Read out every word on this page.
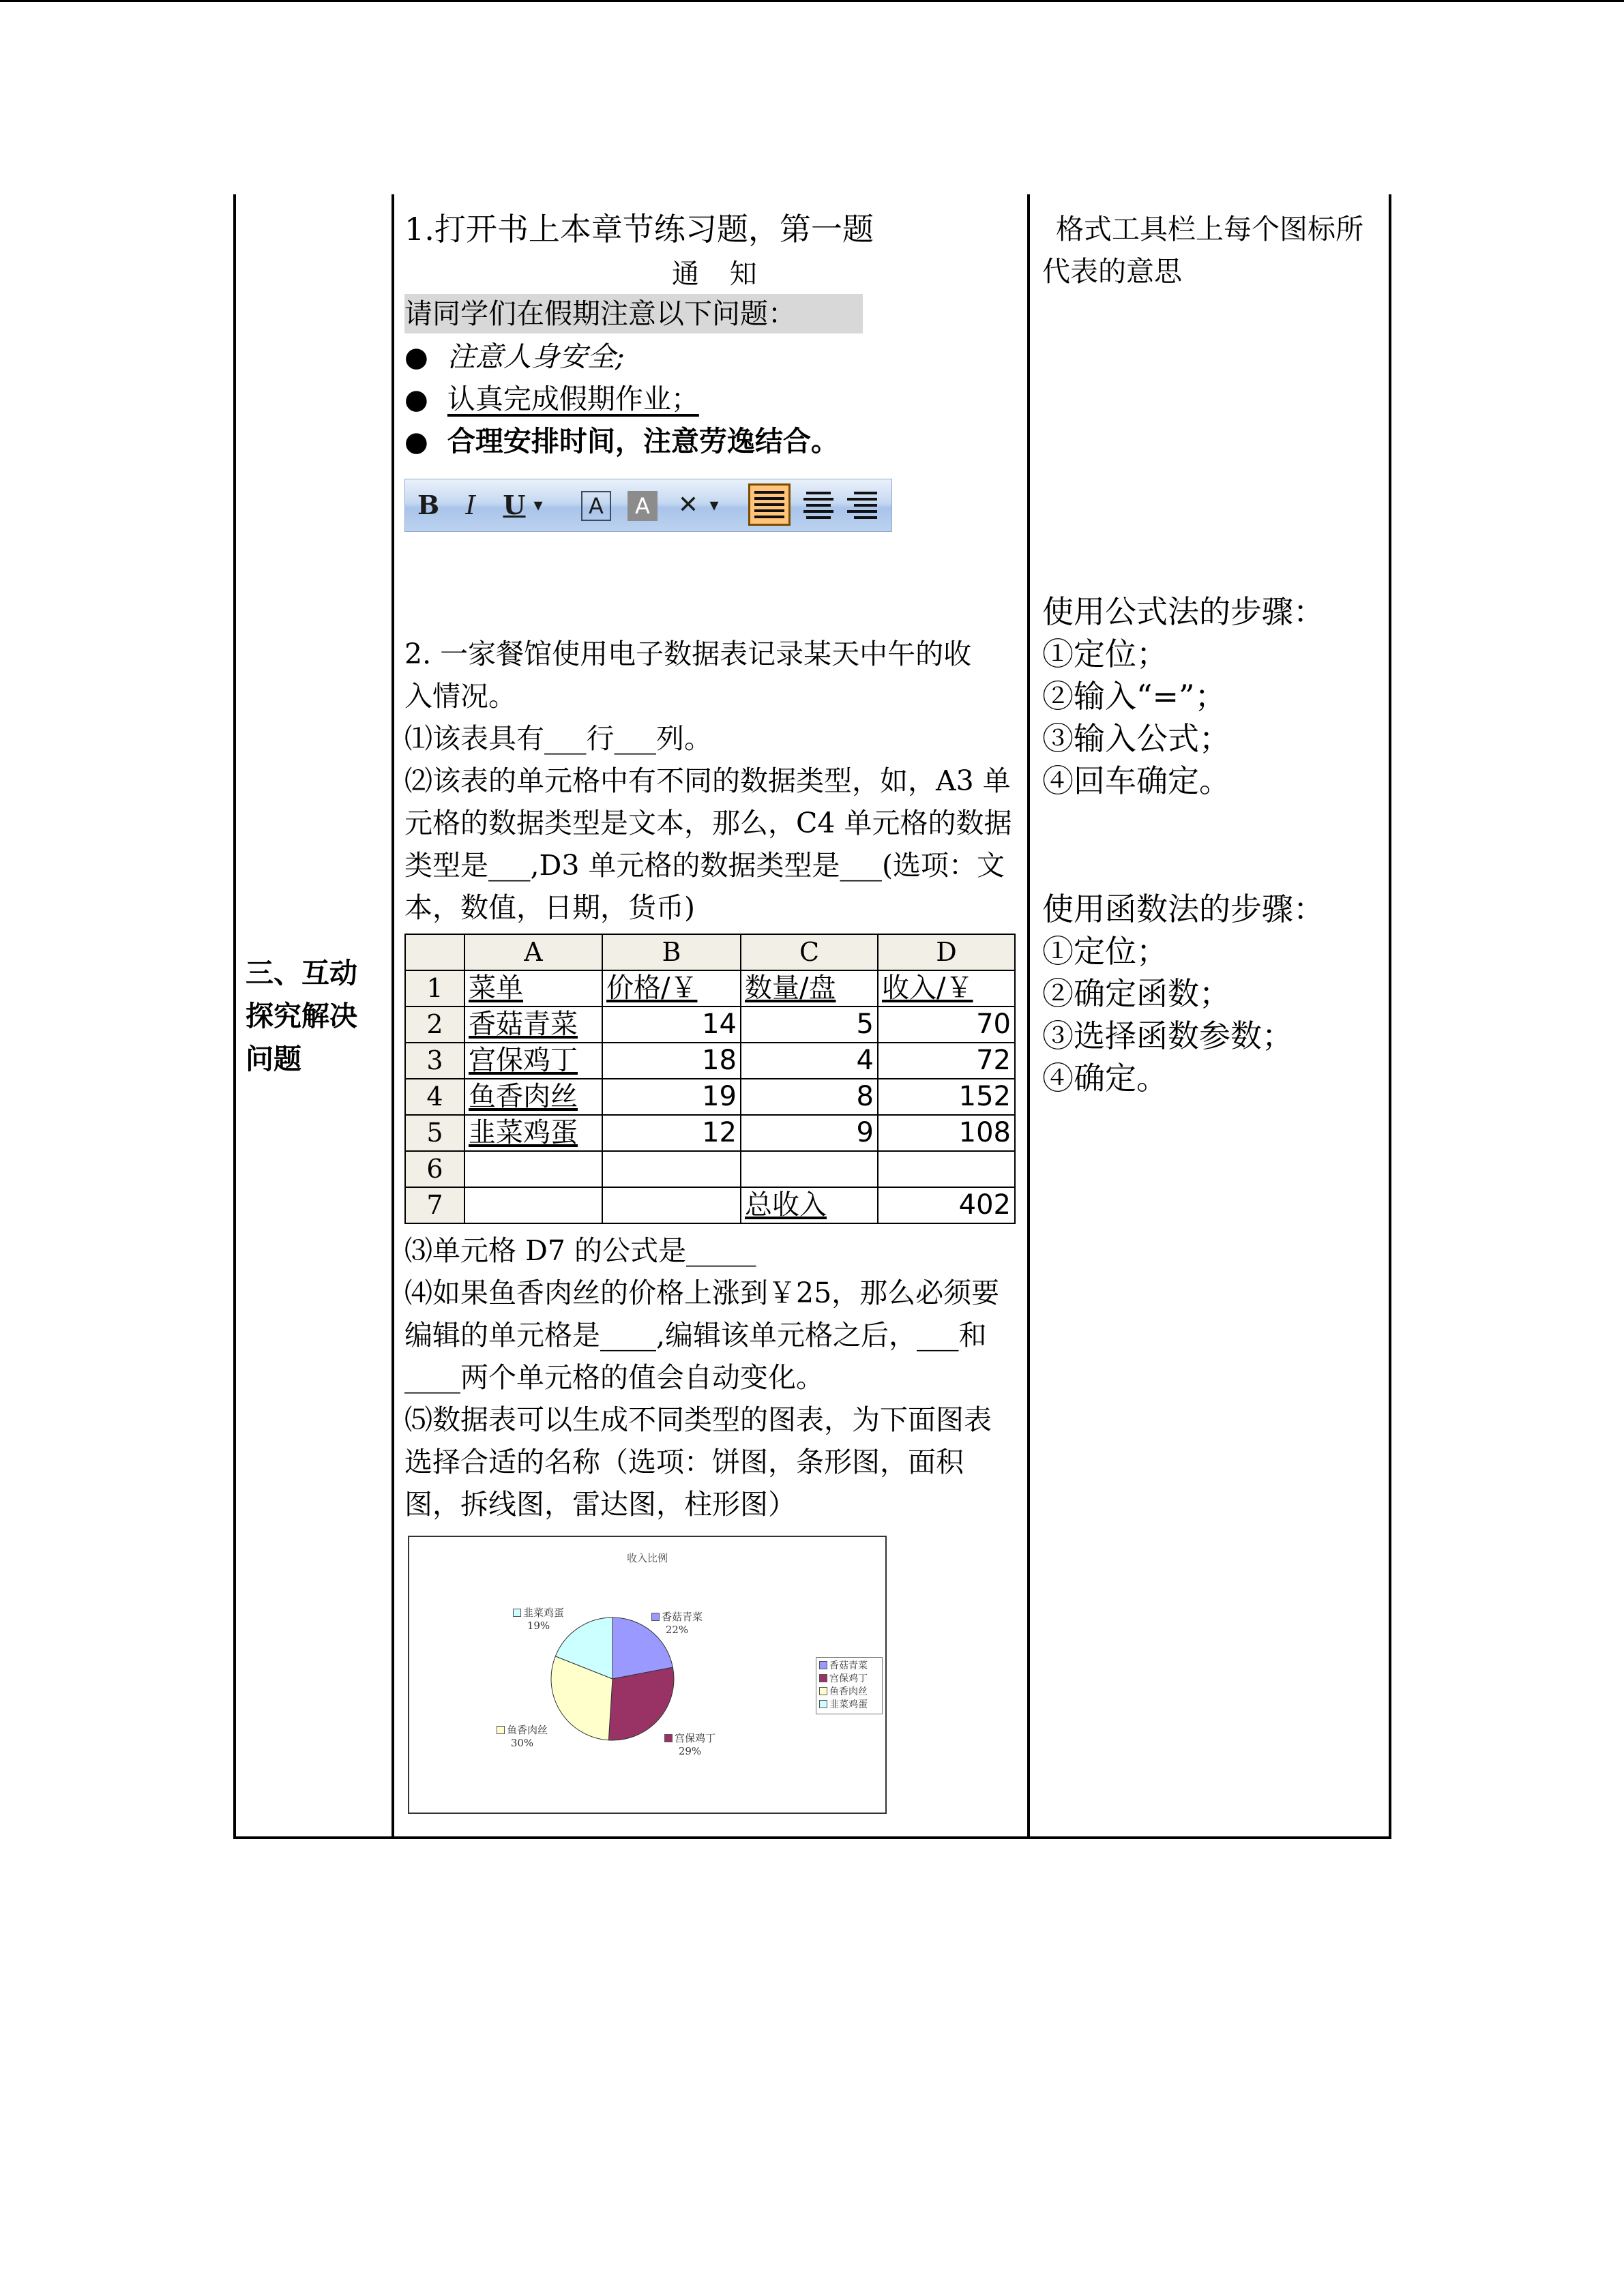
三、互动
探究解决
问题
1.打开书上本章节练习题，第一题
通 知
请同学们在假期注意以下问题：
● 注意人身安全;
● 认真完成假期作业；
● 合理安排时间，注意劳逸结合。
B I U ▾	A	A	✕ ▾
2. 一家餐馆使用电子数据表记录某天中午的收
入情况。
⑴该表具有___行___列。
⑵该表的单元格中有不同的数据类型，如，A3 单
元格的数据类型是文本，那么，C4 单元格的数据
类型是___,D3 单元格的数据类型是___(选项：文
本，数值，日期，货币)
	A	B	C	D
1	菜单	价格/￥	数量/盘	收入/￥
2	香菇青菜	14	5	70
3	宫保鸡丁	18	4	72
4	鱼香肉丝	19	8	152
5	韭菜鸡蛋	12	9	108
6				
7			总收入	402
⑶单元格 D7 的公式是_____
⑷如果鱼香肉丝的价格上涨到￥25，那么必须要
编辑的单元格是____,编辑该单元格之后，___和
____两个单元格的值会自动变化。
⑸数据表可以生成不同类型的图表，为下面图表
选择合适的名称（选项：饼图，条形图，面积
图，拆线图，雷达图，柱形图）
收入比例
香菇青菜
22%
宫保鸡丁
29%
鱼香肉丝
30%
韭菜鸡蛋
19%
香菇青菜
宫保鸡丁
鱼香肉丝
韭菜鸡蛋
格式工具栏上每个图标所
代表的意思
使用公式法的步骤：
①定位；
②输入“=”；
③输入公式；
④回车确定。
使用函数法的步骤：
①定位；
②确定函数；
③选择函数参数；
④确定。
